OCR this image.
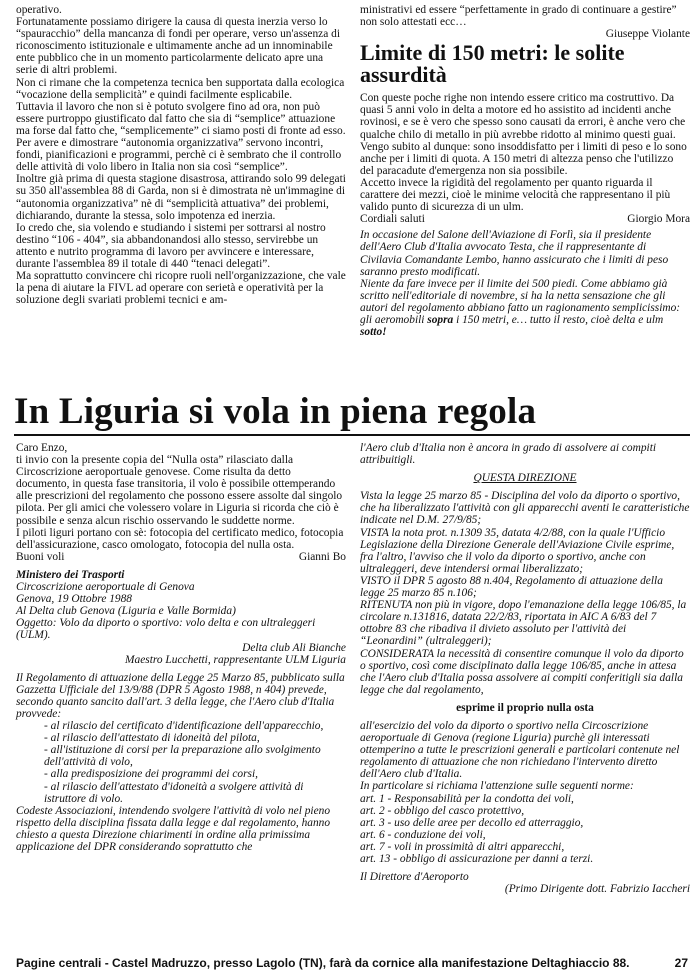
operativo.

Fortunatamente possiamo dirigere la causa di questa inerzia verso lo “spauracchio” della mancanza di fondi per operare, verso un'assenza di riconoscimento istituzionale e ultimamente anche ad un innominabile ente pubblico che in un momento particolarmente delicato apre una serie di altri problemi.

Non ci rimane che la competenza tecnica ben supportata dalla ecologica “vocazione della semplicità” e quindi facilmente esplicabile.

Tuttavia il lavoro che non si è potuto svolgere fino ad ora, non può essere purtroppo giustificato dal fatto che sia di “semplice” attuazione ma forse dal fatto che, “semplicemente” ci siamo posti di fronte ad esso.

Per avere e dimostrare “autonomia organizzativa” servono incontri, fondi, pianificazioni e programmi, perchè ci è sembrato che il controllo delle attività di volo libero in Italia non sia così “semplice”.

Inoltre già prima di questa stagione disastrosa, attirando solo 99 delegati su 350 all'assemblea 88 di Garda, non si è dimostrata nè un'immagine di “autonomia organizzativa” nè di “semplicità attuativa” dei problemi, dichiarando, durante la stessa, solo impotenza ed inerzia.

Io credo che, sia volendo e studiando i sistemi per sottrarsi al nostro destino “106 - 404”, sia abbandonandosi allo stesso, servirebbe un attento e nutrito programma di lavoro per avvincere e interessare, durante l'assemblea 89 il totale di 440 “tenaci delegati”.

Ma soprattutto convincere chi ricopre ruoli nell'organizzazione, che vale la pena di aiutare la FIVL ad operare con serietà e operatività per la soluzione degli svariati problemi tecnici e am-

ministrativi ed essere “perfettamente in grado di continuare a gestire” non solo attestati ecc…

Giuseppe Violante

Limite di 150 metri: le solite assurdità

Con queste poche righe non intendo essere critico ma costruttivo. Da quasi 5 anni volo in delta a motore ed ho assistito ad incidenti anche rovinosi, e se è vero che spesso sono causati da errori, è anche vero che qualche chilo di metallo in più avrebbe ridotto al minimo questi guai.

Vengo subito al dunque: sono insoddisfatto per i limiti di peso e lo sono anche per i limiti di quota. A 150 metri di altezza penso che l'utilizzo del paracadute d'emergenza non sia possibile.

Accetto invece la rigidità del regolamento per quanto riguarda il carattere dei mezzi, cioè le minime velocità che rappresentano il più valido punto di sicurezza di un ulm.

Cordiali saluti	Giorgio Mora

In occasione del Salone dell'Aviazione di Forlì, sia il presidente dell'Aero Club d'Italia avvocato Testa, che il rappresentante di Civilavia Comandante Lembo, hanno assicurato che i limiti di peso saranno presto modificati.

Niente da fare invece per il limite dei 500 piedi. Come abbiamo già scritto nell'editoriale di novembre, si ha la netta sensazione che gli autori del regolamento abbiano fatto un ragionamento semplicissimo: gli aeromobili sopra i 150 metri, e… tutto il resto, cioè delta e ulm sotto!

In Liguria si vola in piena regola

Caro Enzo,

ti invio con la presente copia del “Nulla osta” rilasciato dalla Circoscrizione aeroportuale genovese. Come risulta da detto documento, in questa fase transitoria, il volo è possibile ottemperando alle prescrizioni del regolamento che possono essere assolte dal singolo pilota. Per gli amici che volessero volare in Liguria si ricorda che ciò è possibile e senza alcun rischio osservando le suddette norme.

I piloti liguri portano con sè: fotocopia del certificato medico, fotocopia dell'assicurazione, casco omologato, fotocopia del nulla osta.

Buoni voli	Gianni Bo

Ministero dei Trasporti

Circoscrizione aeroportuale di Genova

Genova, 19 Ottobre 1988

Al Delta club Genova (Liguria e Valle Bormida)

Oggetto: Volo da diporto o sportivo: volo delta e con ultraleggeri (ULM).

Delta club Ali Bianche

Maestro Lucchetti, rappresentante ULM Liguria

Il Regolamento di attuazione della Legge 25 Marzo 85, pubblicato sulla Gazzetta Ufficiale del 13/9/88 (DPR 5 Agosto 1988, n 404) prevede, secondo quanto sancito dall'art. 3 della legge, che l'Aero club d'Italia provvede:

- al rilascio del certificato d'identificazione dell'apparecchio,

- al rilascio dell'attestato di idoneità del pilota,

- all'istituzione di corsi per la preparazione allo svolgimento dell'attività di volo,

- alla predisposizione dei programmi dei corsi,

- al rilascio dell'attestato d'idoneità a svolgere attività di istruttore di volo.

Codeste Associazioni, intendendo svolgere l'attività di volo nel pieno rispetto della disciplina fissata dalla legge e dal regolamento, hanno chiesto a questa Direzione chiarimenti in ordine alla primissima applicazione del DPR considerando soprattutto che

l'Aero club d'Italia non è ancora in grado di assolvere ai compiti attribuitigli.

QUESTA DIREZIONE

Vista la legge 25 marzo 85 - Disciplina del volo da diporto o sportivo, che ha liberalizzato l'attività con gli apparecchi aventi le caratteristiche indicate nel D.M. 27/9/85;

VISTA la nota prot. n.1309 35, datata 4/2/88, con la quale l'Ufficio Legislazione della Direzione Generale dell'Aviazione Civile esprime, fra l'altro, l'avviso che il volo da diporto o sportivo, anche con ultraleggeri, deve intendersi ormai liberalizzato;

VISTO il DPR 5 agosto 88 n.404, Regolamento di attuazione della legge 25 marzo 85 n.106;

RITENUTA non più in vigore, dopo l'emanazione della legge 106/85, la circolare n.131816, datata 22/2/83, riportata in AIC A 6/83 del 7 ottobre 83 che ribadiva il divieto assoluto per l'attività dei “Leonardini” (ultraleggeri);

CONSIDERATA la necessità di consentire comunque il volo da diporto o sportivo, così come disciplinato dalla legge 106/85, anche in attesa che l'Aero club d'Italia possa assolvere ai compiti conferitigli sia dalla legge che dal regolamento,

esprime il proprio nulla osta

all'esercizio del volo da diporto o sportivo nella Circoscrizione aeroportuale di Genova (regione Liguria) purchè gli interessati ottemperino a tutte le prescrizioni generali e particolari contenute nel regolamento di attuazione che non richiedano l'intervento diretto dell'Aero club d'Italia.

In particolare si richiama l'attenzione sulle seguenti norme:

art. 1 - Responsabilità per la condotta dei voli,

art. 2 - obbligo del casco protettivo,

art. 3 - uso delle aree per decollo ed atterraggio,

art. 6 - conduzione dei voli,

art. 7 - voli in prossimità di altri apparecchi,

art. 13 - obbligo di assicurazione per danni a terzi.

Il Direttore d'Aeroporto

(Primo Dirigente dott. Fabrizio Iaccheri

Pagine centrali - Castel Madruzzo, presso Lagolo (TN), farà da cornice alla manifestazione Deltaghiaccio 88.	27
